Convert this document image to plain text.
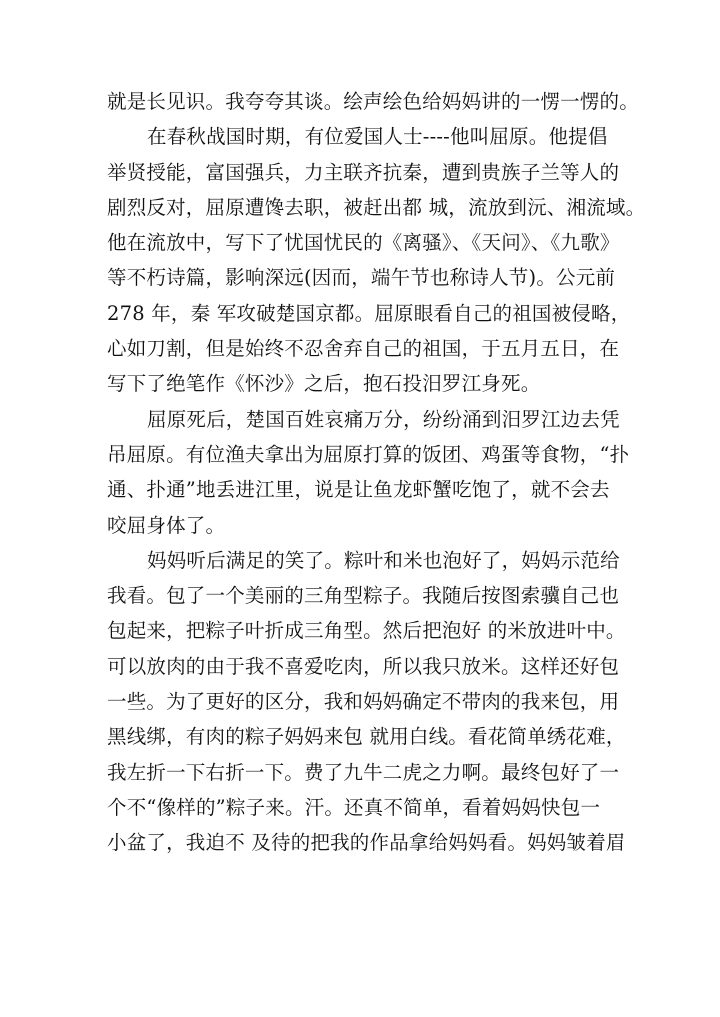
就是长见识。我夸夸其谈。绘声绘色给妈妈讲的一愣一愣的。
在春秋战国时期，有位爱国人士----他叫屈原。他提倡
举贤授能，富国强兵，力主联齐抗秦，遭到贵族子兰等人的
剧烈反对，屈原遭馋去职，被赶出都 城，流放到沅、湘流域。
他在流放中，写下了忧国忧民的《离骚》、《天问》、《九歌》
等不朽诗篇，影响深远(因而，端午节也称诗人节)。公元前
278 年，秦 军攻破楚国京都。屈原眼看自己的祖国被侵略，
心如刀割，但是始终不忍舍弃自己的祖国，于五月五日，在
写下了绝笔作《怀沙》之后，抱石投汨罗江身死。
屈原死后，楚国百姓哀痛万分，纷纷涌到汨罗江边去凭
吊屈原。有位渔夫拿出为屈原打算的饭团、鸡蛋等食物，“扑
通、扑通”地丢进江里，说是让鱼龙虾蟹吃饱了，就不会去
咬屈身体了。
妈妈听后满足的笑了。粽叶和米也泡好了，妈妈示范给
我看。包了一个美丽的三角型粽子。我随后按图索骥自己也
包起来，把粽子叶折成三角型。然后把泡好 的米放进叶中。
可以放肉的由于我不喜爱吃肉，所以我只放米。这样还好包
一些。为了更好的区分，我和妈妈确定不带肉的我来包，用
黑线绑，有肉的粽子妈妈来包 就用白线。看花简单绣花难，
我左折一下右折一下。费了九牛二虎之力啊。最终包好了一
个不“像样的”粽子来。汗。还真不简单，看着妈妈快包一
小盆了，我迫不 及待的把我的作品拿给妈妈看。妈妈皱着眉
